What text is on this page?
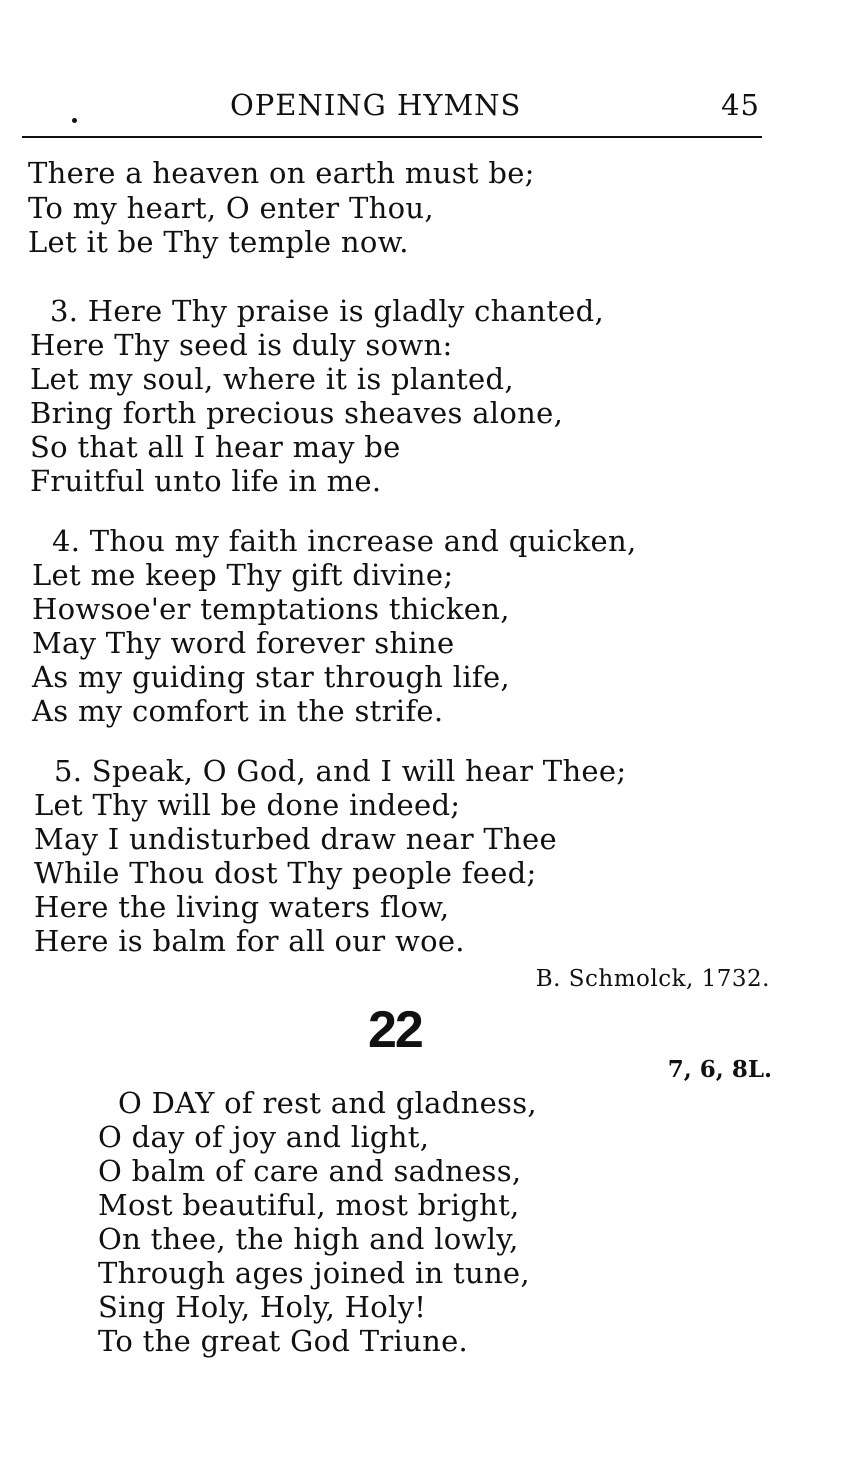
OPENING HYMNS	45
There a heaven on earth must be;
To my heart, O enter Thou,
Let it be Thy temple now.
3. Here Thy praise is gladly chanted,
Here Thy seed is duly sown:
Let my soul, where it is planted,
Bring forth precious sheaves alone,
So that all I hear may be
Fruitful unto life in me.
4. Thou my faith increase and quicken,
Let me keep Thy gift divine;
Howsoe'er temptations thicken,
May Thy word forever shine
As my guiding star through life,
As my comfort in the strife.
5. Speak, O God, and I will hear Thee;
Let Thy will be done indeed;
May I undisturbed draw near Thee
While Thou dost Thy people feed;
Here the living waters flow,
Here is balm for all our woe.
B. Schmolck, 1732.
22
7, 6, 8L.
O DAY of rest and gladness,
O day of joy and light,
O balm of care and sadness,
Most beautiful, most bright,
On thee, the high and lowly,
Through ages joined in tune,
Sing Holy, Holy, Holy!
To the great God Triune.
